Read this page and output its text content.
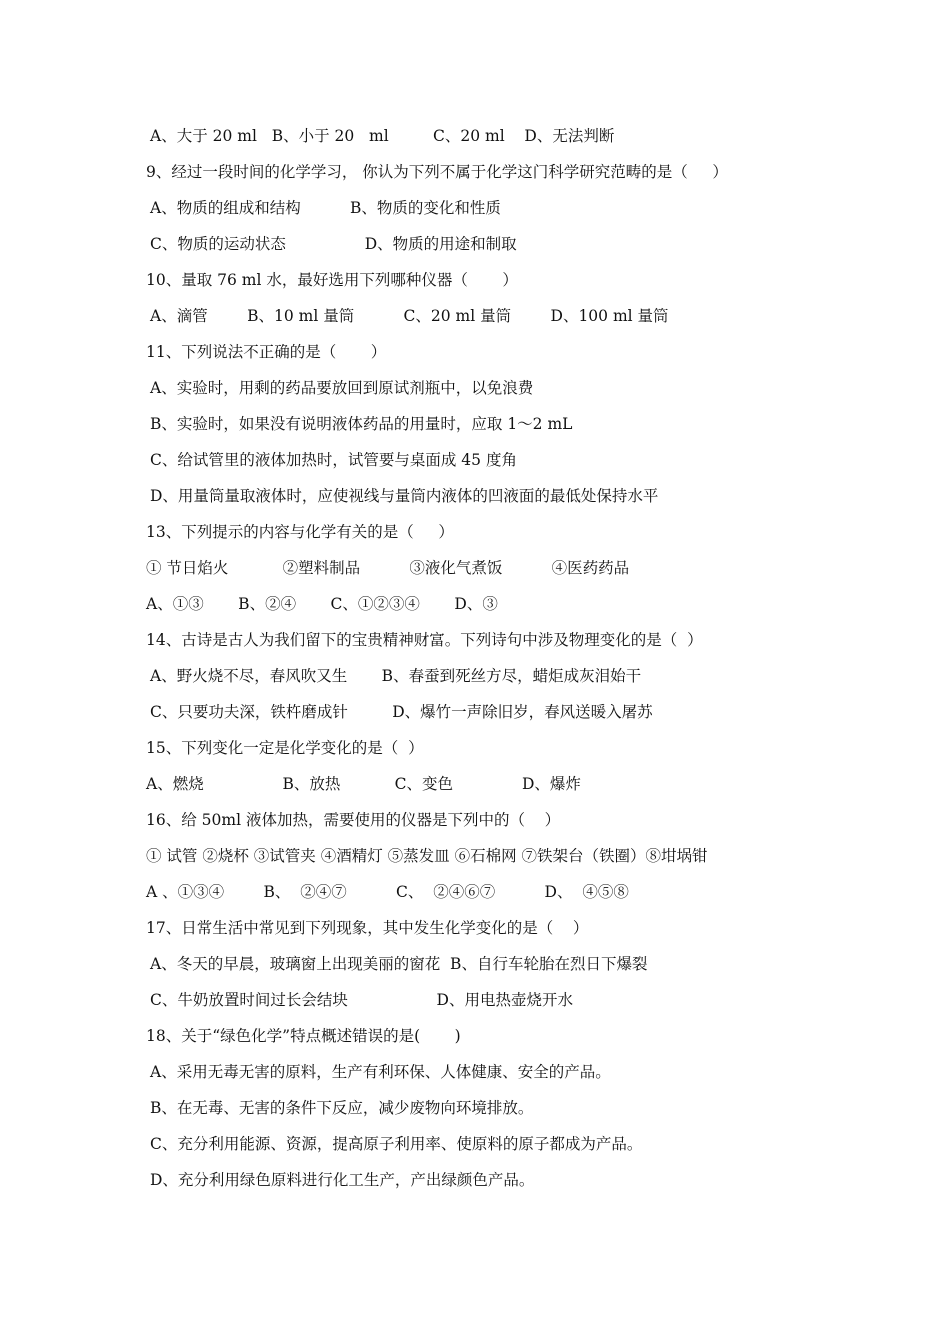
A、大于 20 ml   B、小于 20   ml         C、20 ml    D、无法判断
9、经过一段时间的化学学习， 你认为下列不属于化学这门科学研究范畴的是（     ）
A、物质的组成和结构          B、物质的变化和性质
C、物质的运动状态                D、物质的用途和制取
10、量取 76 ml 水，最好选用下列哪种仪器（       ）
A、滴管        B、10 ml 量筒          C、20 ml 量筒        D、100 ml 量筒
11、下列说法不正确的是（       ）
A、实验时，用剩的药品要放回到原试剂瓶中，以免浪费
B、实验时，如果没有说明液体药品的用量时，应取 1～2 mL
C、给试管里的液体加热时，试管要与桌面成 45 度角
D、用量筒量取液体时，应使视线与量筒内液体的凹液面的最低处保持水平
13、下列提示的内容与化学有关的是（     ）
① 节日焰火           ②塑料制品          ③液化气煮饭          ④医药药品
A、①③       B、②④       C、①②③④       D、③
14、古诗是古人为我们留下的宝贵精神财富。下列诗句中涉及物理变化的是（  ）
A、野火烧不尽，春风吹又生       B、春蚕到死丝方尽，蜡炬成灰泪始干
C、只要功夫深，铁杵磨成针         D、爆竹一声除旧岁，春风送暖入屠苏
15、下列变化一定是化学变化的是（  ）
A、燃烧                B、放热           C、变色              D、爆炸
16、给 50ml 液体加热，需要使用的仪器是下列中的（    ）
① 试管 ②烧杯 ③试管夹 ④酒精灯 ⑤蒸发皿 ⑥石棉网 ⑦铁架台（铁圈）⑧坩埚钳
A 、①③④        B、  ②④⑦          C、  ②④⑥⑦          D、  ④⑤⑧
17、日常生活中常见到下列现象，其中发生化学变化的是（    ）
A、冬天的早晨，玻璃窗上出现美丽的窗花  B、自行车轮胎在烈日下爆裂
C、牛奶放置时间过长会结块                  D、用电热壶烧开水
18、关于“绿色化学”特点概述错误的是(       )
A、采用无毒无害的原料，生产有利环保、人体健康、安全的产品。
B、在无毒、无害的条件下反应，减少废物向环境排放。
C、充分利用能源、资源，提高原子利用率、使原料的原子都成为产品。
D、充分利用绿色原料进行化工生产，产出绿颜色产品。
